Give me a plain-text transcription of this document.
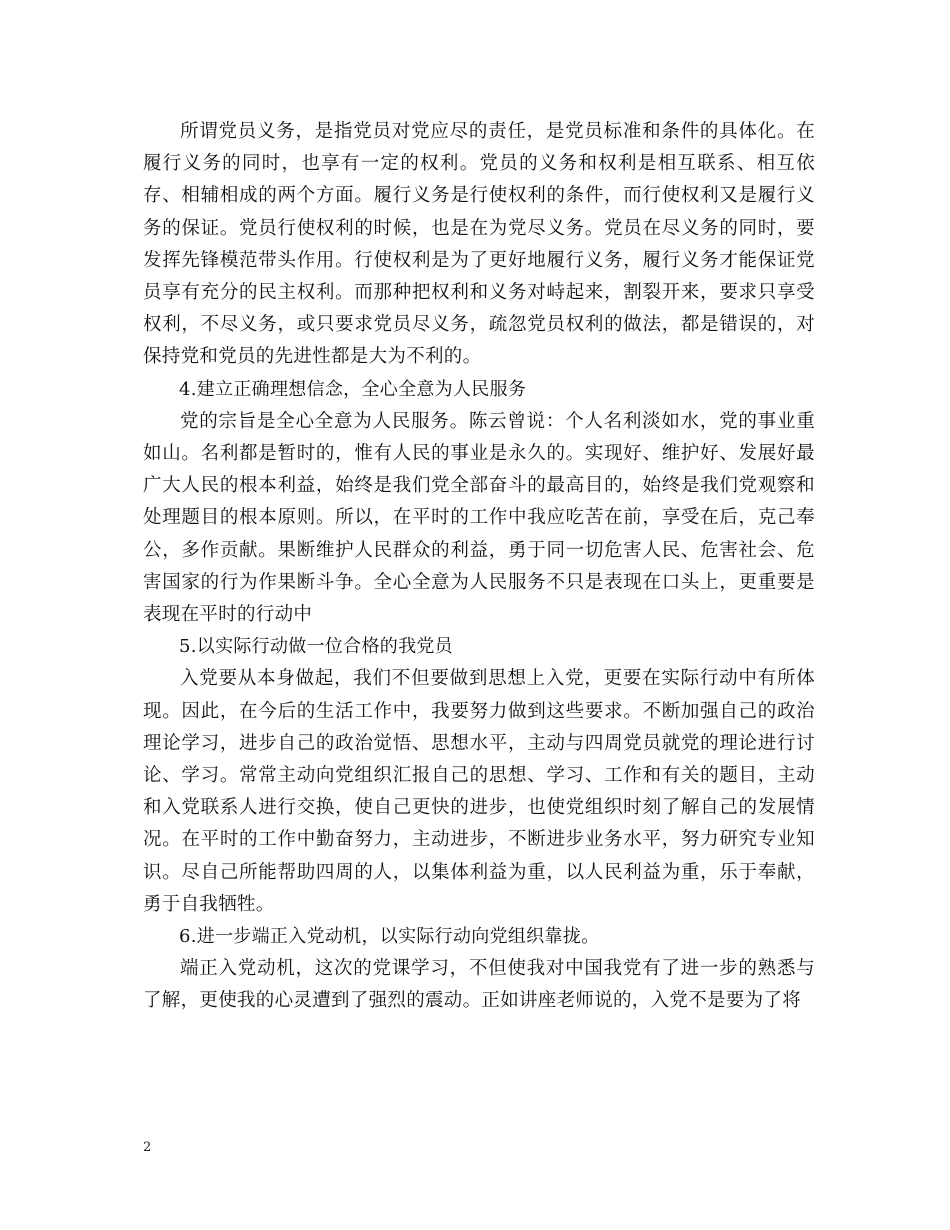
所谓党员义务，是指党员对党应尽的责任，是党员标准和条件的具体化。在履行义务的同时，也享有一定的权利。党员的义务和权利是相互联系、相互依存、相辅相成的两个方面。履行义务是行使权利的条件，而行使权利又是履行义务的保证。党员行使权利的时候，也是在为党尽义务。党员在尽义务的同时，要发挥先锋模范带头作用。行使权利是为了更好地履行义务，履行义务才能保证党员享有充分的民主权利。而那种把权利和义务对峙起来，割裂开来，要求只享受权利，不尽义务，或只要求党员尽义务，疏忽党员权利的做法，都是错误的，对保持党和党员的先进性都是大为不利的。

4.建立正确理想信念，全心全意为人民服务

党的宗旨是全心全意为人民服务。陈云曾说：个人名利淡如水，党的事业重如山。名利都是暂时的，惟有人民的事业是永久的。实现好、维护好、发展好最广大人民的根本利益，始终是我们党全部奋斗的最高目的，始终是我们党观察和处理题目的根本原则。所以，在平时的工作中我应吃苦在前，享受在后，克己奉公，多作贡献。果断维护人民群众的利益，勇于同一切危害人民、危害社会、危害国家的行为作果断斗争。全心全意为人民服务不只是表现在口头上，更重要是表现在平时的行动中

5.以实际行动做一位合格的我党员

入党要从本身做起，我们不但要做到思想上入党，更要在实际行动中有所体现。因此，在今后的生活工作中，我要努力做到这些要求。不断加强自己的政治理论学习，进步自己的政治觉悟、思想水平，主动与四周党员就党的理论进行讨论、学习。常常主动向党组织汇报自己的思想、学习、工作和有关的题目，主动和入党联系人进行交换，使自己更快的进步，也使党组织时刻了解自己的发展情况。在平时的工作中勤奋努力，主动进步，不断进步业务水平，努力研究专业知识。尽自己所能帮助四周的人，以集体利益为重，以人民利益为重，乐于奉献，勇于自我牺牲。

6.进一步端正入党动机，以实际行动向党组织靠拢。

端正入党动机，这次的党课学习，不但使我对中国我党有了进一步的熟悉与了解，更使我的心灵遭到了强烈的震动。正如讲座老师说的，入党不是要为了将

2
